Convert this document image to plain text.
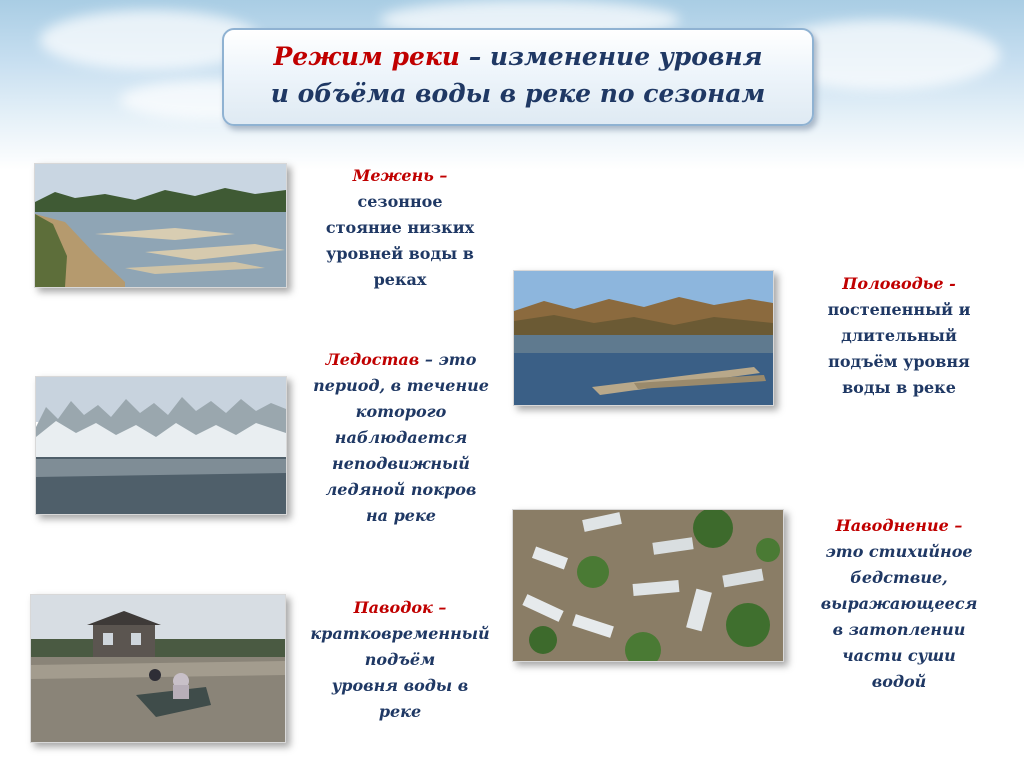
Режим реки – изменение уровня
и объёма воды в реке по сезонам
Межень –
сезонное
стояние низких
уровней воды в
реках
Ледостав – это
период, в течение
которого
наблюдается
неподвижный
ледяной покров
на реке
Паводок –
кратковременный
подъём
уровня воды в
реке
Половодье -
постепенный и
длительный
подъём уровня
воды в реке
Наводнение –
это стихийное
бедствие,
выражающееся
в затоплении
части суши
водой
